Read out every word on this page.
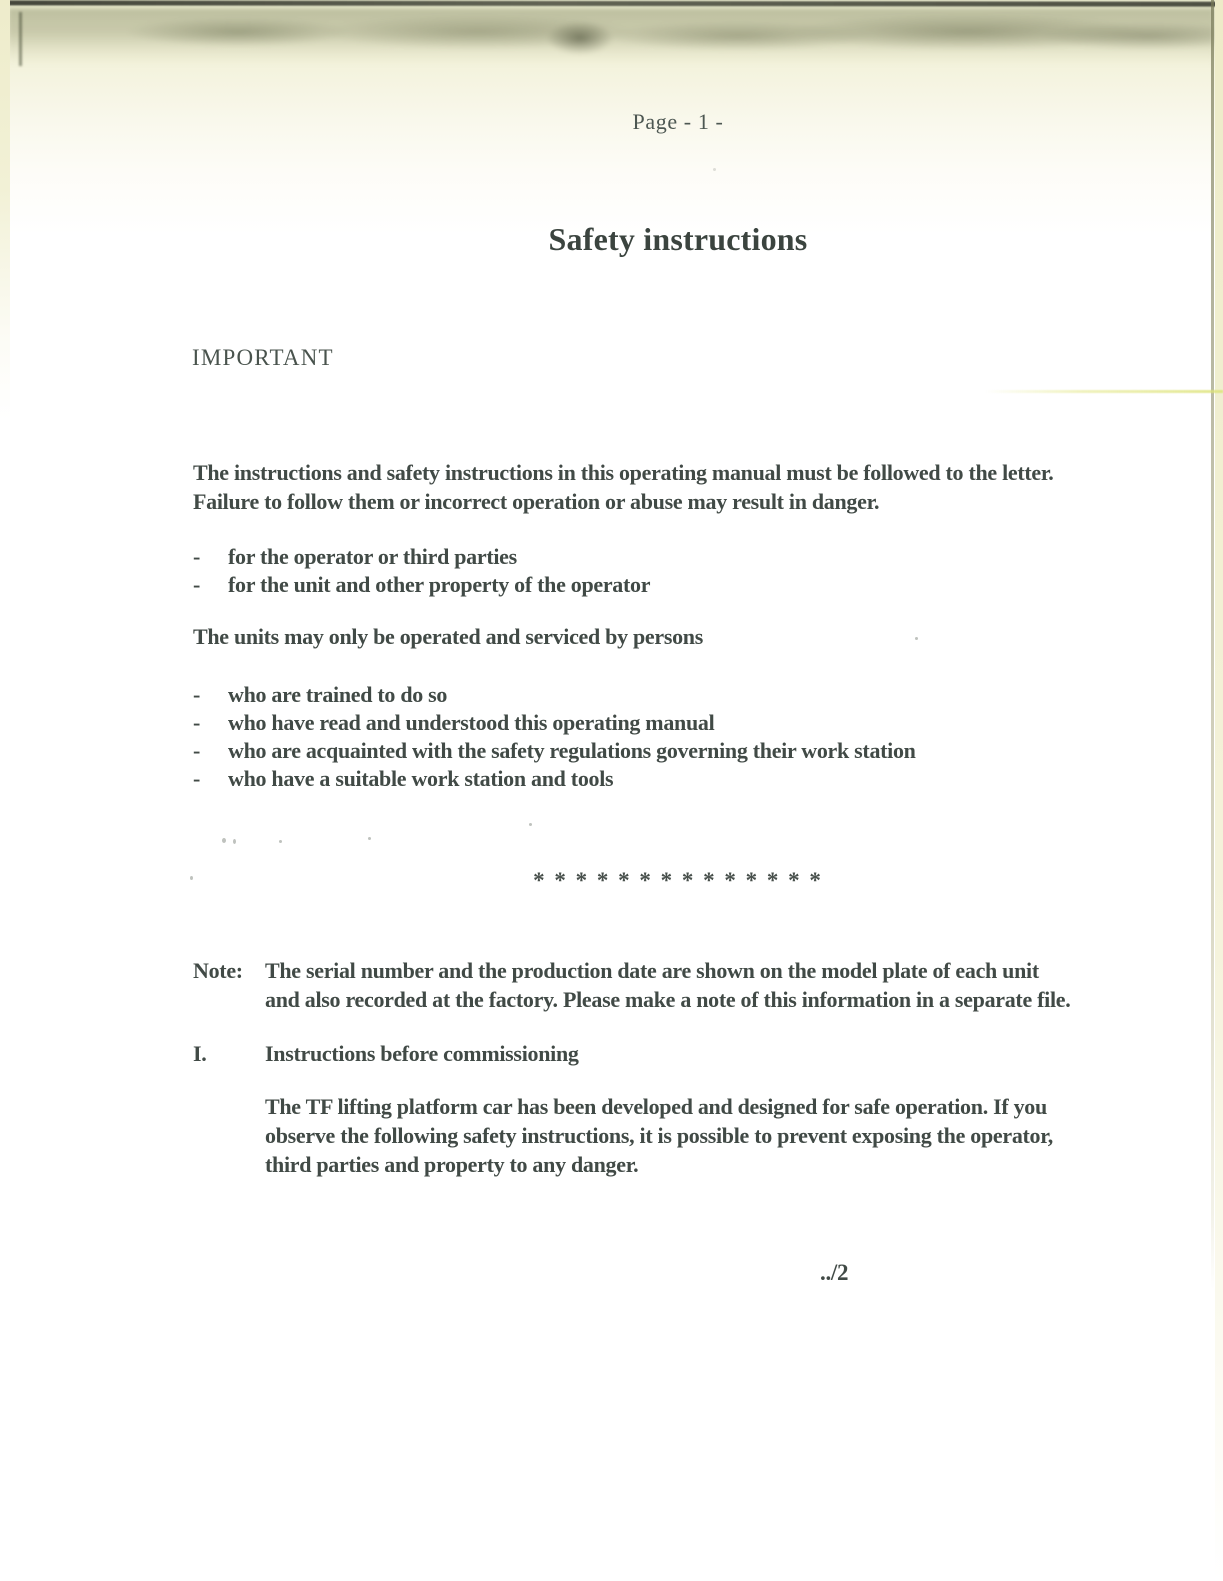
Page - 1 -
Safety instructions
IMPORTANT
The instructions and safety instructions in this operating manual must be followed to the letter.
Failure to follow them or incorrect operation or abuse may result in danger.
- for the operator or third parties
- for the unit and other property of the operator
The units may only be operated and serviced by persons
- who are trained to do so
- who have read and understood this operating manual
- who are acquainted with the safety regulations governing their work station
- who have a suitable work station and tools
* * * * * * * * * * * * * *
Note:	The serial number and the production date are shown on the model plate of each unit
and also recorded at the factory. Please make a note of this information in a separate file.
I.	Instructions before commissioning
The TF lifting platform car has been developed and designed for safe operation. If you
observe the following safety instructions, it is possible to prevent exposing the operator,
third parties and property to any danger.
../2
